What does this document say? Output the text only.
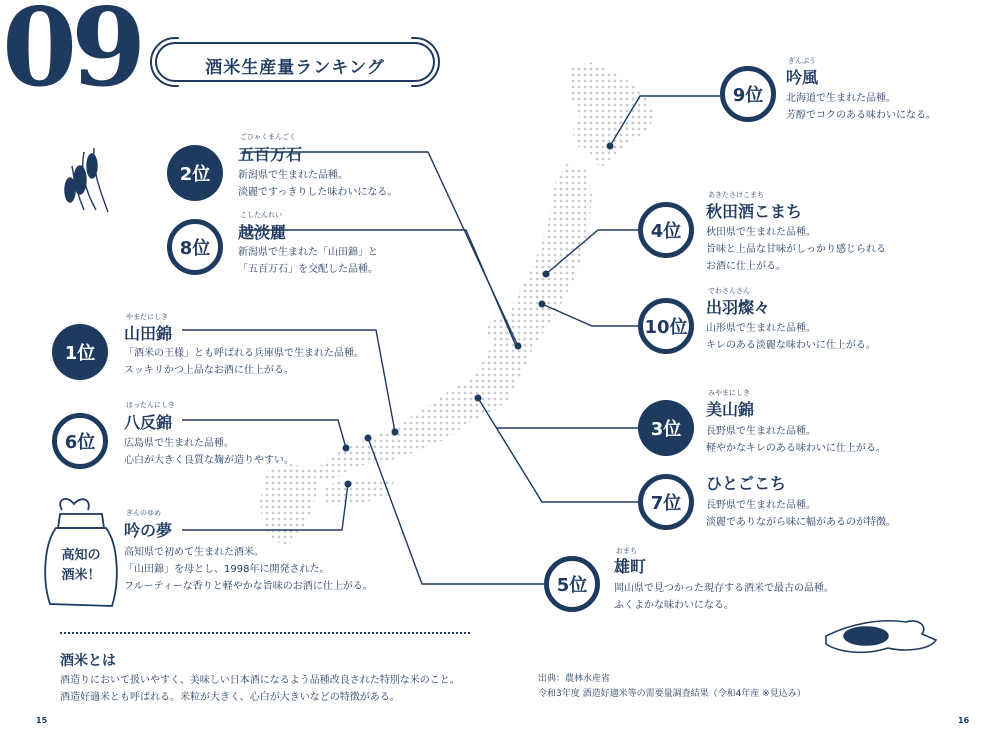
09	酒米生産量ランキング
2位
ごひゃくまんごく
五百万石
新潟県で生まれた品種。
淡麗ですっきりした味わいになる。
8位
こしたんれい
越淡麗
新潟県で生まれた「山田錦」と
「五百万石」を交配した品種。
1位
やまだにしき
山田錦
「酒米の王様」とも呼ばれる兵庫県で生まれた品種。
スッキリかつ上品なお酒に仕上がる。
6位
はったんにしき
八反錦
広島県で生まれた品種。
心白が大きく良質な麹が造りやすい。
ぎんのゆめ
吟の夢
高知県で初めて生まれた酒米。
「山田錦」を母とし、1998年に開発された。
フルーティーな香りと軽やかな旨味のお酒に仕上がる。
高知の
酒米！
9位
ぎんぷう
吟風
北海道で生まれた品種。
芳醇でコクのある味わいになる。
4位
あきたさけこまち
秋田酒こまち
秋田県で生まれた品種。
旨味と上品な甘味がしっかり感じられる
お酒に仕上がる。
10位
でわさんさん
出羽燦々
山形県で生まれた品種。
キレのある淡麗な味わいに仕上がる。
3位
みやまにしき
美山錦
長野県で生まれた品種。
軽やかなキレのある味わいに仕上がる。
7位
ひとごこち
長野県で生まれた品種。
淡麗でありながら味に幅があるのが特徴。
5位
おまち
雄町
岡山県で見つかった現存する酒米で最古の品種。
ふくよかな味わいになる。
酒米とは
酒造りにおいて扱いやすく、美味しい日本酒になるよう品種改良された特別な米のこと。
酒造好適米とも呼ばれる。米粒が大きく、心白が大きいなどの特徴がある。
出典：農林水産省
令和3年度 酒造好適米等の需要量調査結果（令和4年産 ※見込み）
15	16
